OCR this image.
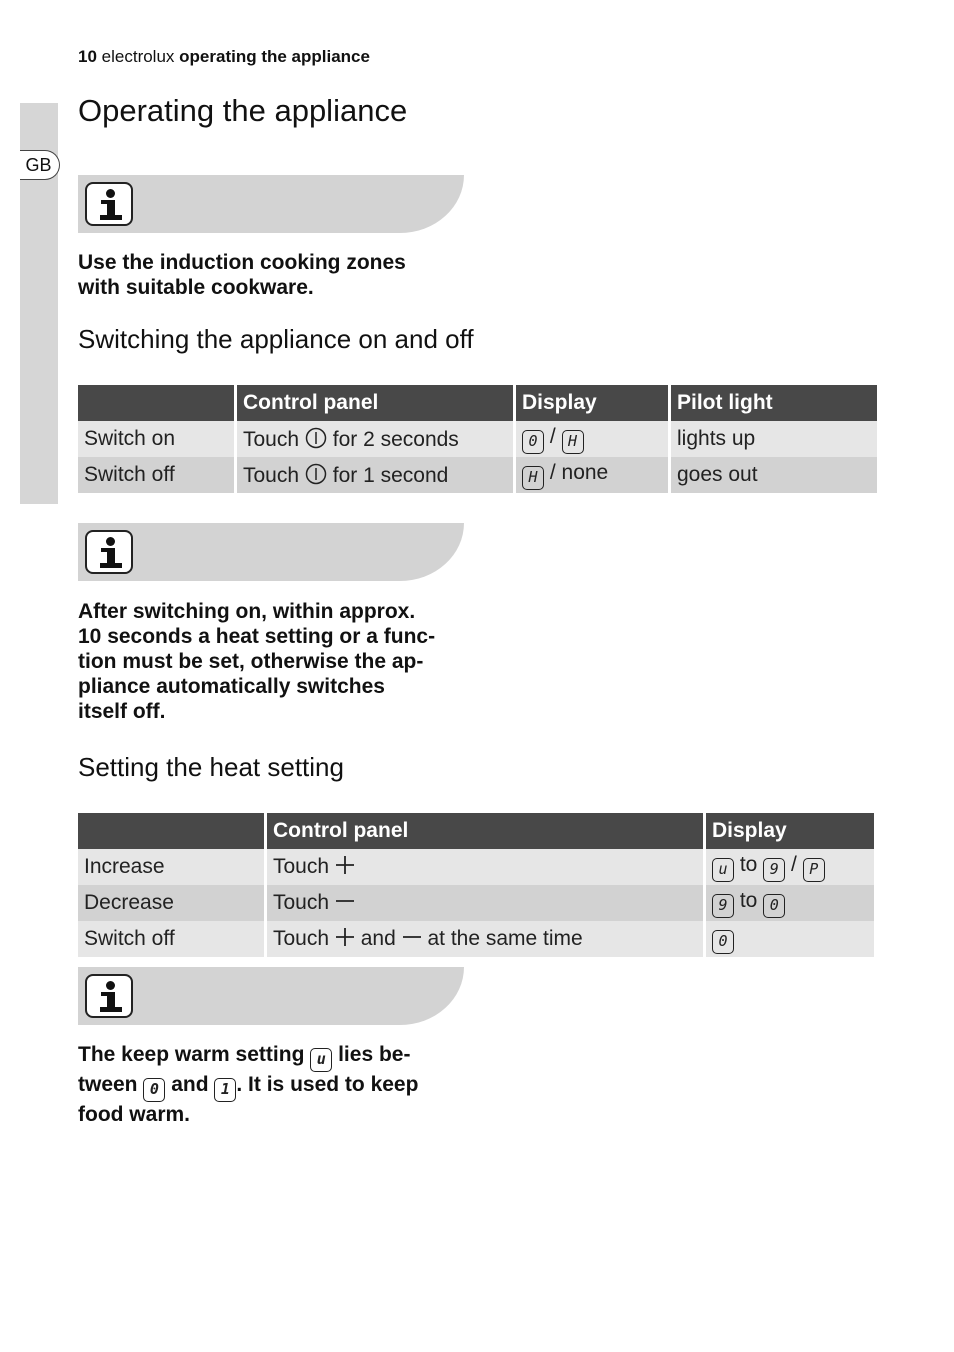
10 electrolux operating the appliance
GB
Operating the appliance
Use the induction cooking zones
with suitable cookware.
Switching the appliance on and off
	Control panel	Display	Pilot light
Switch on	Touch for 2 seconds	0 / H	lights up
Switch off	Touch for 1 second	H / none	goes out
After switching on, within approx.
10 seconds a heat setting or a func-
tion must be set, otherwise the ap-
pliance automatically switches
itself off.
Setting the heat setting
	Control panel	Display
Increase	Touch	u to 9 / P
Decrease	Touch	9 to 0
Switch off	Touch and at the same time	0
The keep warm setting u lies be-
tween 0 and 1 . It is used to keep
food warm.
